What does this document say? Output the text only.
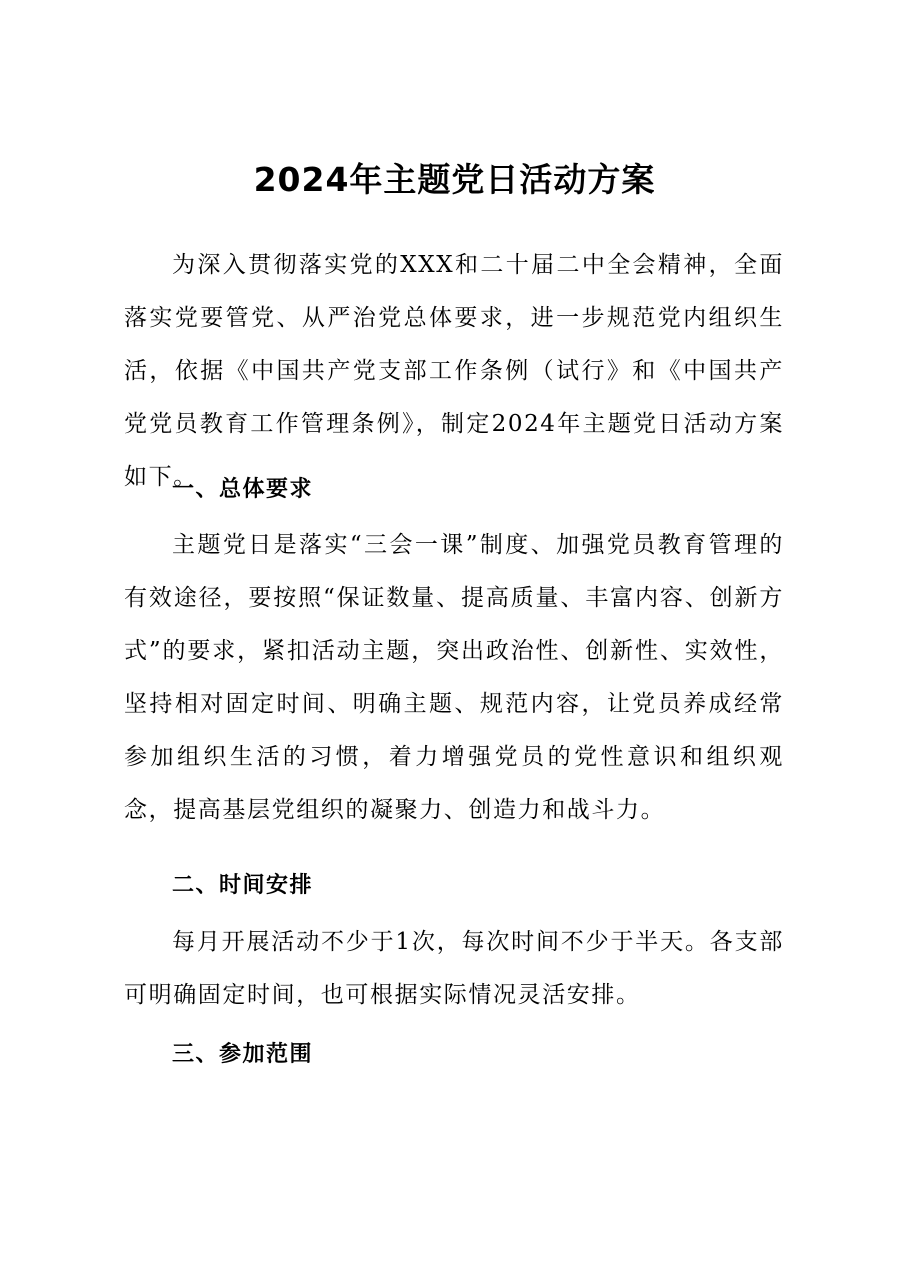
2024年主题党日活动方案

为深入贯彻落实党的XXX和二十届二中全会精神，全面落实党要管党、从严治党总体要求，进一步规范党内组织生活，依据《中国共产党支部工作条例（试行》和《中国共产党党员教育工作管理条例》，制定2024年主题党日活动方案如下。

一、总体要求

主题党日是落实“三会一课”制度、加强党员教育管理的有效途径，要按照“保证数量、提高质量、丰富内容、创新方式”的要求，紧扣活动主题，突出政治性、创新性、实效性，坚持相对固定时间、明确主题、规范内容，让党员养成经常参加组织生活的习惯，着力增强党员的党性意识和组织观念，提高基层党组织的凝聚力、创造力和战斗力。

二、时间安排

每月开展活动不少于1次，每次时间不少于半天。各支部可明确固定时间，也可根据实际情况灵活安排。

三、参加范围
